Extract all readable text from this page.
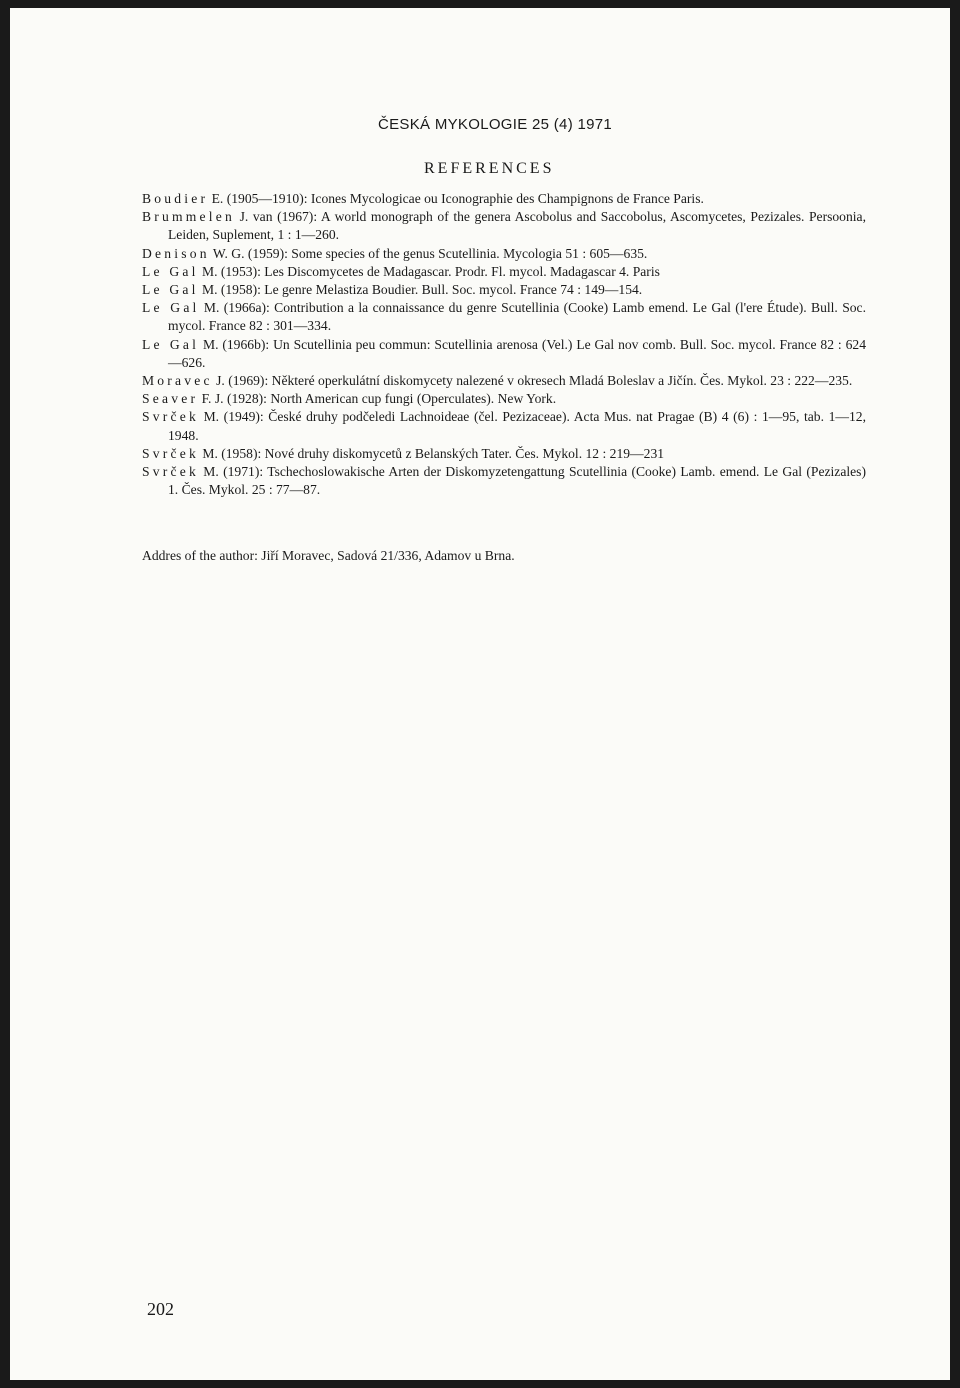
ČESKÁ MYKOLOGIE 25 (4) 1971
REFERENCES
Boudier E. (1905—1910): Icones Mycologicae ou Iconographie des Champignons de France Paris.
Brummelen J. van (1967): A world monograph of the genera Ascobolus and Saccobolus, Ascomycetes, Pezizales. Persoonia, Leiden, Suplement, 1 : 1—260.
Denison W. G. (1959): Some species of the genus Scutellinia. Mycologia 51 : 605—635.
Le Gal M. (1953): Les Discomycetes de Madagascar. Prodr. Fl. mycol. Madagascar 4. Paris
Le Gal M. (1958): Le genre Melastiza Boudier. Bull. Soc. mycol. France 74 : 149—154.
Le Gal M. (1966a): Contribution a la connaissance du genre Scutellinia (Cooke) Lamb emend. Le Gal (l'ere Étude). Bull. Soc. mycol. France 82 : 301—334.
Le Gal M. (1966b): Un Scutellinia peu commun: Scutellinia arenosa (Vel.) Le Gal nov comb. Bull. Soc. mycol. France 82 : 624—626.
Moravec J. (1969): Některé operkulátní diskomycety nalezené v okresech Mladá Boleslav a Jičín. Čes. Mykol. 23 : 222—235.
Seaver F. J. (1928): North American cup fungi (Operculates). New York.
Svrček M. (1949): České druhy podčeledi Lachnoideae (čel. Pezizaceae). Acta Mus. nat Pragae (B) 4 (6) : 1—95, tab. 1—12, 1948.
Svrček M. (1958): Nové druhy diskomycetů z Belanských Tater. Čes. Mykol. 12 : 219—231
Svrček M. (1971): Tschechoslowakische Arten der Diskomyzetengattung Scutellinia (Cooke) Lamb. emend. Le Gal (Pezizales) 1. Čes. Mykol. 25 : 77—87.
Addres of the author: Jiří Moravec, Sadová 21/336, Adamov u Brna.
202
